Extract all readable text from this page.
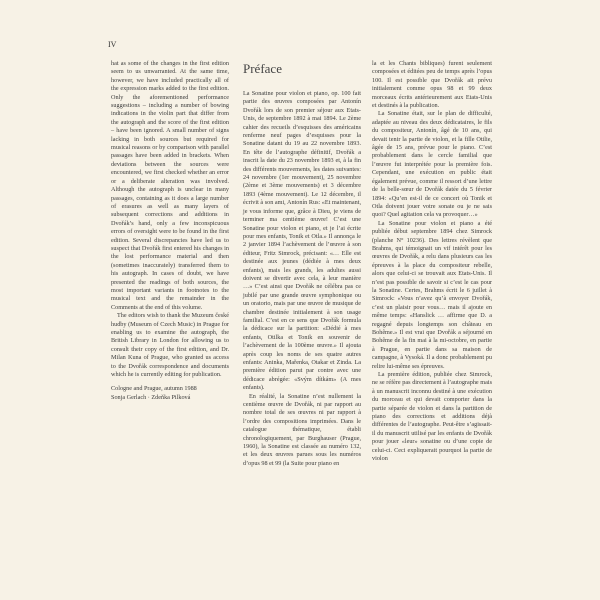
IV

hat as some of the changes in the first edition seem to us unwarranted. At the same time, however, we have included practically all of the expression marks added to the first edition. Only the aforementioned performance suggestions – including a number of bowing indications in the violin part that differ from the autograph and the score of the first edition – have been ignored. A small number of signs lacking in both sources but required for musical reasons or by comparison with parallel passages have been added in brackets. When deviations between the sources were encountered, we first checked whether an error or a deliberate alteration was involved. Although the autograph is unclear in many passages, containing as it does a large number of erasures as well as many layers of subsequent corrections and additions in Dvořák’s hand, only a few inconspicuous errors of oversight were to be found in the first edition. Several discrepancies have led us to suspect that Dvořák first entered his changes in the lost performance material and then (sometimes inaccurately) transferred them to his autograph. In cases of doubt, we have presented the readings of both sources, the most important variants in footnotes to the musical text and the remainder in the Comments at the end of this volume.

The editors wish to thank the Muzeum české hudby (Museum of Czech Music) in Prague for enabling us to examine the autograph, the British Library in London for allowing us to consult their copy of the first edition, and Dr. Milan Kuna of Prague, who granted us access to the Dvořák correspondence and documents which he is currently editing for publication.

Cologne and Prague, autumn 1988

Sonja Gerlach · Zdeňka Pilková

Préface

La Sonatine pour violon et piano, op. 100 fait partie des œuvres composées par Antonín Dvořák lors de son premier séjour aux Etats-Unis, de septembre 1892 à mai 1894. Le 2ème cahier des recueils d’esquisses des américains renferme neuf pages d’esquisses pour la Sonatine datant du 19 au 22 novembre 1893. En tête de l’autographe définitif, Dvořák a inscrit la date du 23 novembre 1893 et, à la fin des différents mouvements, les dates suivantes: 24 novembre (1er mouvement), 25 novembre (2ème et 3ème mouvements) et 3 décembre 1893 (4ème mouvement). Le 12 décembre, il écrivit à son ami, Antonín Rus: «Et maintenant, je vous informe que, grâce à Dieu, je viens de terminer ma centième œuvre! C’est une Sonatine pour violon et piano, et je l’ai écrite pour mes enfants, Tonik et Otla.» Il annonça le 2 janvier 1894 l’achèvement de l’œuvre à son éditeur, Fritz Simrock, précisant: «… Elle est destinée aux jeunes (dédiée à mes deux enfants), mais les grands, les adultes aussi doivent se divertir avec cela, à leur manière …» C’est ainsi que Dvořák ne célébra pas ce jubilé par une grande œuvre symphonique ou un oratorio, mais par une œuvre de musique de chambre destinée initialement à son usage familial. C’est en ce sens que Dvořák formula la dédicace sur la partition: «Dédié à mes enfants, Otilka et Tonik en souvenir de l’achèvement de la 100ème œuvre.» Il ajouta après coup les noms de ses quatre autres enfants: Aninka, Mařenka, Otakar et Zinda. La première édition parut par contre avec une dédicace abrégée: «Svým dítkám» (A mes enfants).

En réalité, la Sonatine n’est nullement la centième œuvre de Dvořák, ni par rapport au nombre total de ses œuvres ni par rapport à l’ordre des compositions imprimées. Dans le catalogue thématique, établi chronologiquement, par Burghauser (Prague, 1960), la Sonatine est classée au numéro 132, et les deux œuvres parues sous les numéros d’opus 98 et 99 (la Suite pour piano en

la et les Chants bibliques) furent seulement composées et éditées peu de temps après l’opus 100. Il est possible que Dvořák ait prévu initialement comme opus 98 et 99 deux morceaux écrits antérieurement aux Etats-Unis et destinés à la publication.

La Sonatine était, sur le plan de difficulté, adaptée au niveau des deux dédicataires, le fils du compositeur, Antonín, âgé de 10 ans, qui devait tenir la partie de violon, et la fille Otilie, âgée de 15 ans, prévue pour le piano. C’est probablement dans le cercle familial que l’œuvre fut interprétée pour la première fois. Cependant, une exécution en public était également prévue, comme il ressort d’une lettre de la belle-sœur de Dvořák datée du 5 février 1894: «Qu’en est-il de ce concert où Tonik et Otla doivent jouer votre sonate ou je ne sais quoi? Quel agitation cela va provoquer…»

La Sonatine pour violon et piano a été publiée début septembre 1894 chez Simrock (planche N° 10236). Des lettres révèlent que Brahms, qui témoignait un vif intérêt pour les œuvres de Dvořák, a relu dans plusieurs cas les épreuves à la place du compositeur rebelle, alors que celui-ci se trouvait aux Etats-Unis. Il n’est pas possible de savoir si c’est le cas pour la Sonatine. Certes, Brahms écrit le 6 juillet à Simrock: «Vous n’avez qu’à envoyer Dvořák, c’est un plaisir pour vous… mais il ajoute en même temps: «Hanslick … affirme que D. a regagné depuis longtemps son château en Bohême.» Il est vrai que Dvořák a séjourné en Bohême de la fin mai à la mi-octobre, en partie à Prague, en partie dans sa maison de campagne, à Vysoká. Il a donc probablement pu relire lui-même ses épreuves.

La première édition, publiée chez Simrock, ne se réfère pas directement à l’autographe mais à un manuscrit inconnu destiné à une exécution du morceau et qui devait comporter dans la partie séparée de violon et dans la partition de piano des corrections et additions déjà différentes de l’autographe. Peut-être s’agissait-il du manuscrit utilisé par les enfants de Dvořák pour jouer «leur» sonatine ou d’une copie de celui-ci. Ceci expliquerait pourquoi la partie de violon
